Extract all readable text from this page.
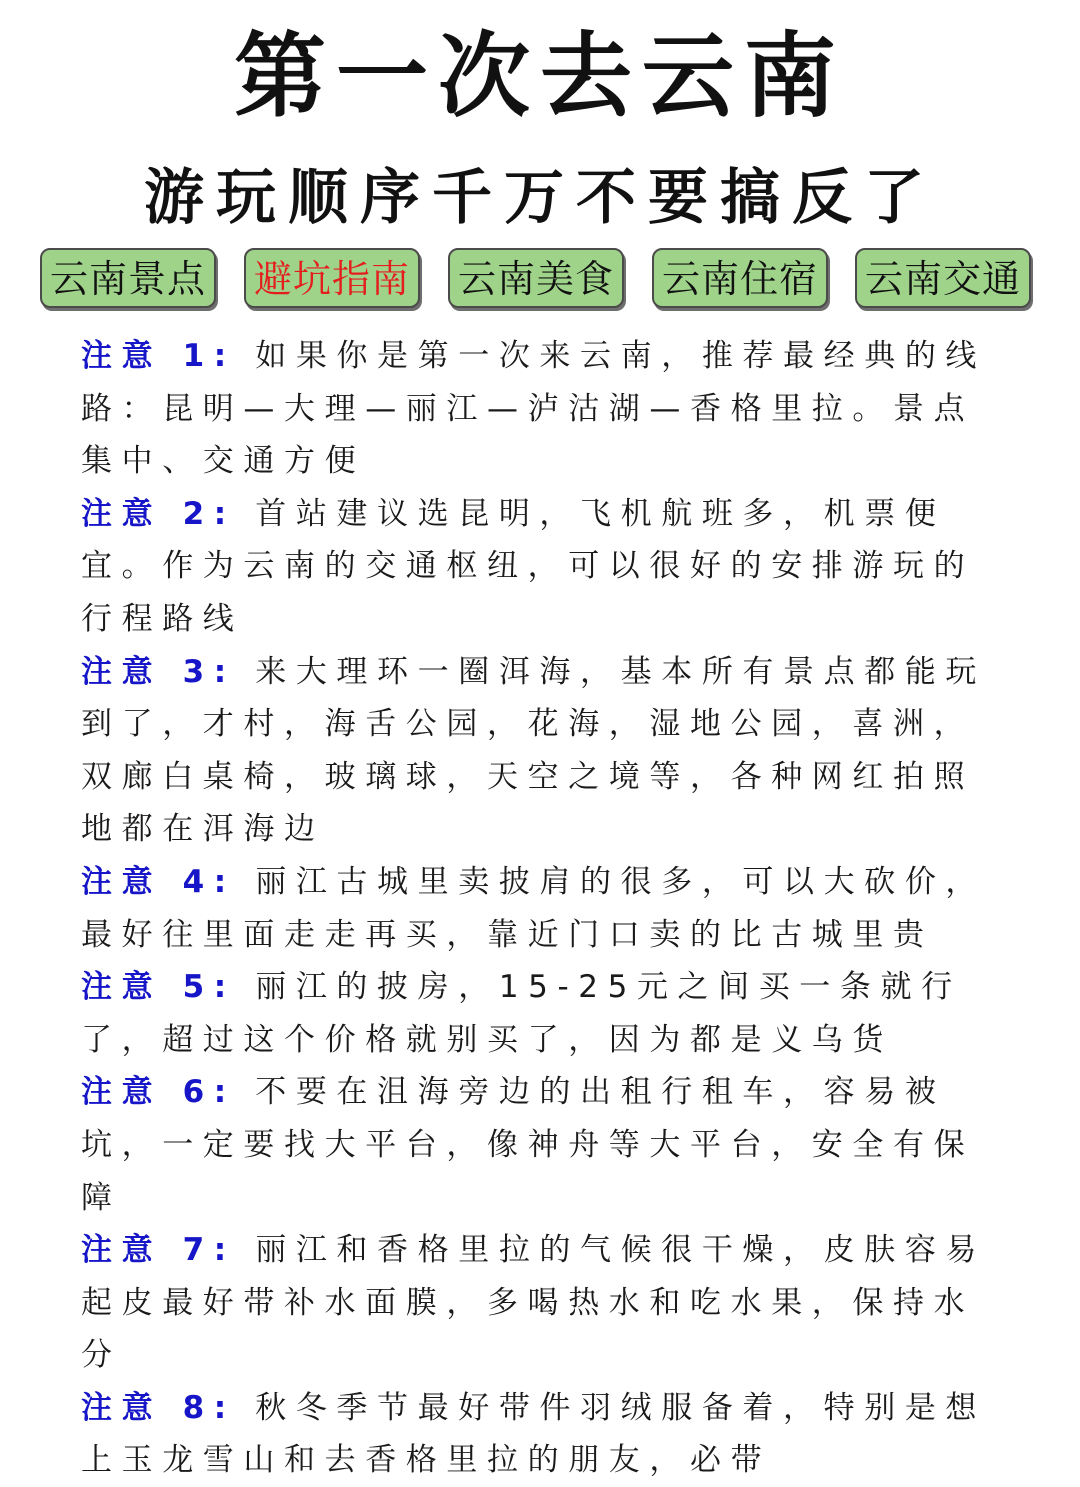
第一次去云南
游玩顺序千万不要搞反了
云南景点 避坑指南 云南美食 云南住宿 云南交通

注意 1: 如果你是第一次来云南，推荐最经典的线路：昆明—大理—丽江—泸沽湖—香格里拉。景点集中、交通方便

注意 2: 首站建议选昆明，飞机航班多，机票便宜。作为云南的交通枢纽，可以很好的安排游玩的行程路线

注意 3: 来大理环一圈洱海，基本所有景点都能玩到了，才村，海舌公园，花海，湿地公园，喜洲，双廊白桌椅，玻璃球，天空之境等，各种网红拍照地都在洱海边

注意 4: 丽江古城里卖披肩的很多，可以大砍价，最好往里面走走再买，靠近门口卖的比古城里贵

注意 5: 丽江的披房，15-25元之间买一条就行了，超过这个价格就别买了，因为都是义乌货

注意 6: 不要在沮海旁边的出租行租车，容易被坑，一定要找大平台，像神舟等大平台，安全有保障

注意 7: 丽江和香格里拉的气候很干燥，皮肤容易起皮最好带补水面膜，多喝热水和吃水果，保持水分

注意 8: 秋冬季节最好带件羽绒服备着，特别是想上玉龙雪山和去香格里拉的朋友，必带
